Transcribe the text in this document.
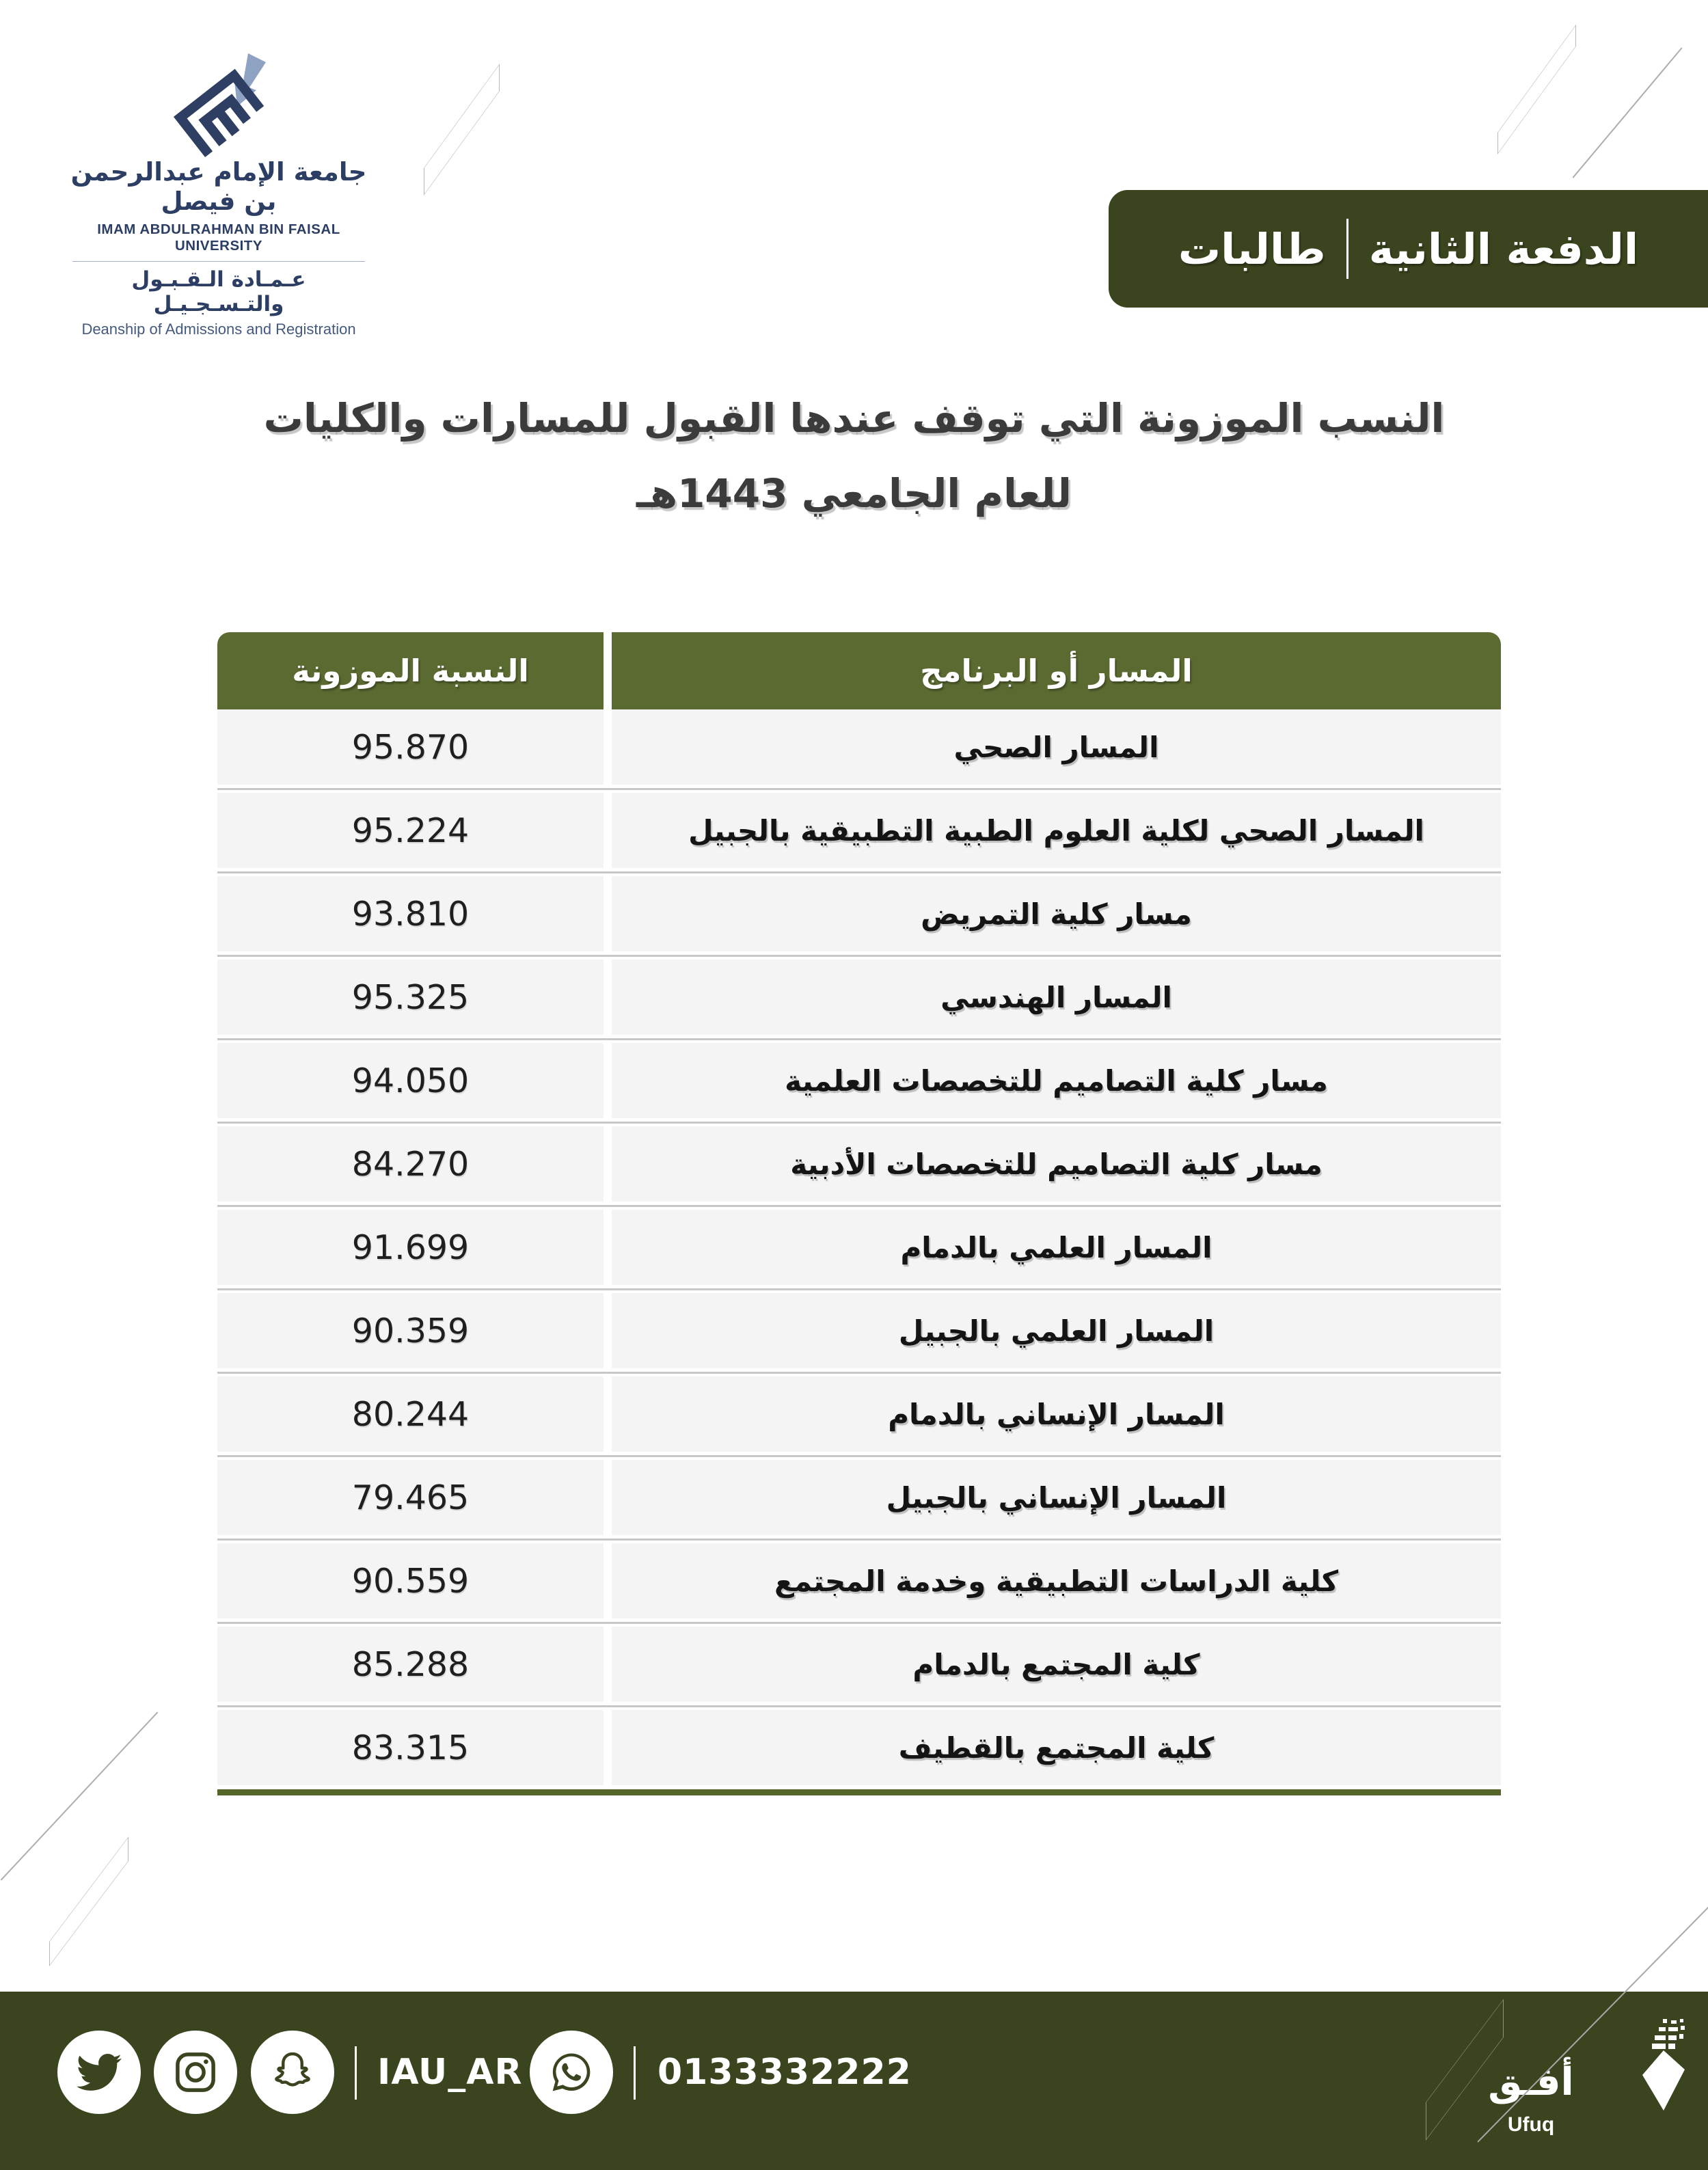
جامعة الإمام عبدالرحمن بن فيصل
IMAM ABDULRAHMAN BIN FAISAL UNIVERSITY
عـمـادة الـقـبـول والتـسـجـيـل
Deanship of Admissions and Registration
الدفعة الثانية
طالبات
النسب الموزونة التي توقف عندها القبول للمسارات والكليات
للعام الجامعي 1443هـ
النسبة الموزونة	المسار أو البرنامج
95.870	المسار الصحي
95.224	المسار الصحي لكلية العلوم الطبية التطبيقية بالجبيل
93.810	مسار كلية التمريض
95.325	المسار الهندسي
94.050	مسار كلية التصاميم للتخصصات العلمية
84.270	مسار كلية التصاميم للتخصصات الأدبية
91.699	المسار العلمي بالدمام
90.359	المسار العلمي بالجبيل
80.244	المسار الإنساني بالدمام
79.465	المسار الإنساني بالجبيل
90.559	كلية الدراسات التطبيقية وخدمة المجتمع
85.288	كلية المجتمع بالدمام
83.315	كلية المجتمع بالقطيف
IAU_AR	0133332222	أفـق
Ufuq
